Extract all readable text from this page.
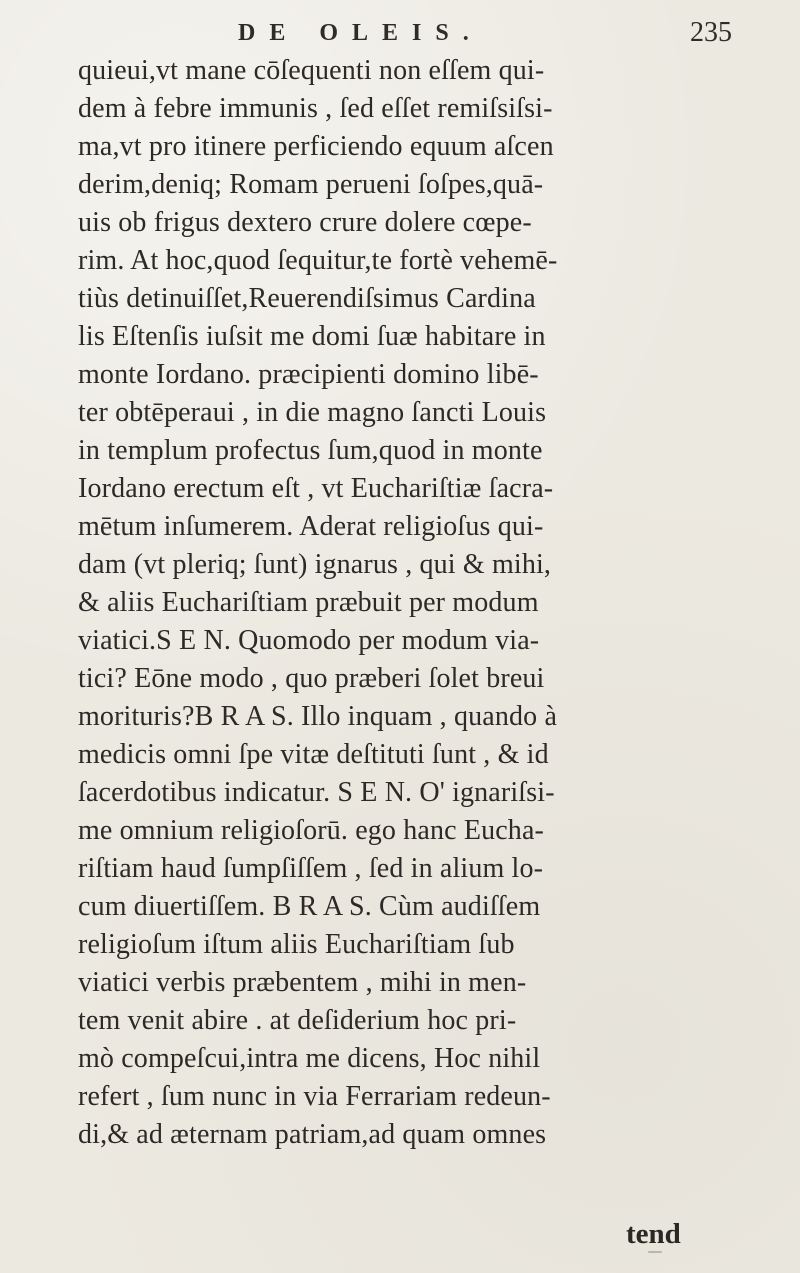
DE OLEIS.	235
quieui,vt mane cōſequenti non eſſem qui-
dem à febre immunis , ſed eſſet remiſsiſsi-
ma,vt pro itinere perficiendo equum aſcen
derim,deniq; Romam perueni ſoſpes,quā-
uis ob frigus dextero crure dolere cœpe-
rim. At hoc,quod ſequitur,te fortè vehemē-
tiùs detinuiſſet,Reuerendiſsimus Cardina
lis Eſtenſis iuſsit me domi ſuæ habitare in
monte Iordano. præcipienti domino libē-
ter obtēperaui , in die magno ſancti Louis
in templum profectus ſum,quod in monte
Iordano erectum eſt , vt Euchariſtiæ ſacra-
mētum inſumerem. Aderat religioſus qui-
dam (vt pleriq; ſunt) ignarus , qui & mihi,
& aliis Euchariſtiam præbuit per modum
viatici.S E N. Quomodo per modum via-
tici? Eōne modo , quo præberi ſolet breui
morituris?B R A S. Illo inquam , quando à
medicis omni ſpe vitæ deſtituti ſunt , & id
ſacerdotibus indicatur. S E N. O' ignariſsi-
me omnium religioſorū. ego hanc Eucha-
riſtiam haud ſumpſiſſem , ſed in alium lo-
cum diuertiſſem. B R A S. Cùm audiſſem
religioſum iſtum aliis Euchariſtiam ſub
viatici verbis præbentem , mihi in men-
tem venit abire . at deſiderium hoc pri-
mò compeſcui,intra me dicens, Hoc nihil
refert , ſum nunc in via Ferrariam redeun-
di,& ad æternam patriam,ad quam omnes
tend
